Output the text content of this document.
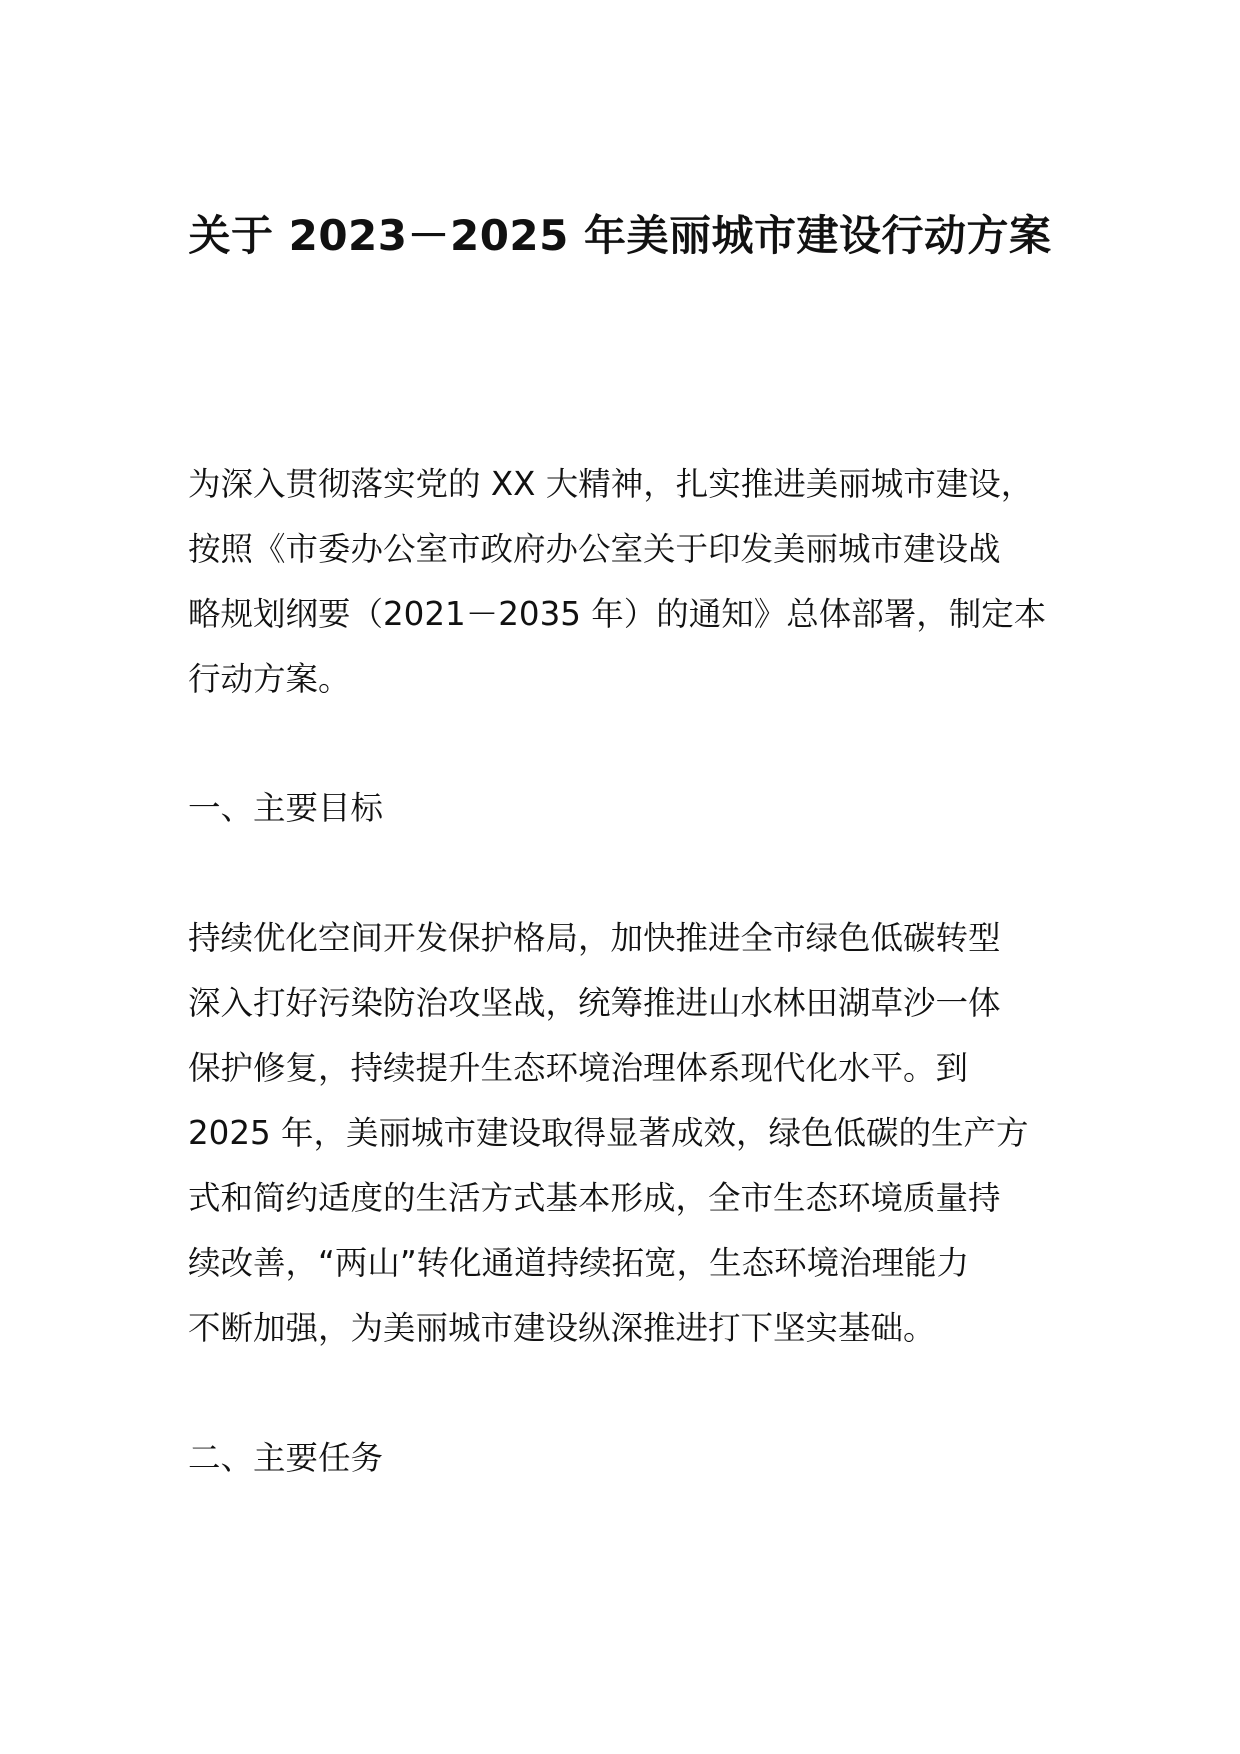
关于 2023－2025 年美丽城市建设行动方案

为深入贯彻落实党的 XX 大精神，扎实推进美丽城市建设，

按照《市委办公室市政府办公室关于印发美丽城市建设战

略规划纲要（2021－2035 年）的通知》总体部署，制定本

行动方案。

一、主要目标

持续优化空间开发保护格局，加快推进全市绿色低碳转型

深入打好污染防治攻坚战，统筹推进山水林田湖草沙一体

保护修复，持续提升生态环境治理体系现代化水平。到

2025 年，美丽城市建设取得显著成效，绿色低碳的生产方

式和简约适度的生活方式基本形成，全市生态环境质量持

续改善，“两山”转化通道持续拓宽，生态环境治理能力

不断加强，为美丽城市建设纵深推进打下坚实基础。

二、主要任务
